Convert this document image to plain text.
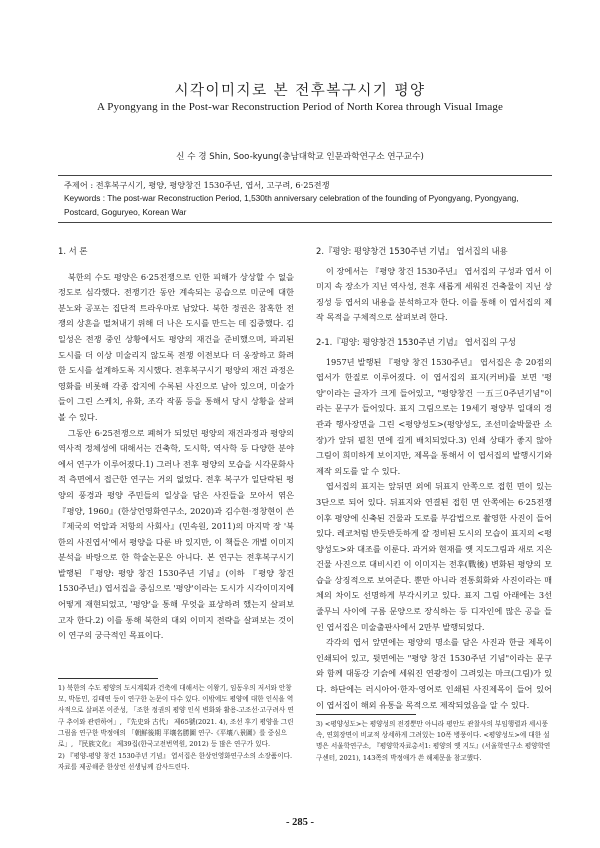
시각이미지로 본 전후복구시기 평양
A Pyongyang in the Post-war Reconstruction Period of North Korea through Visual Image
신 수 경 Shin, Soo-kyung(충남대학교 인문과학연구소 연구교수)
주제어 : 전후복구시기, 평양, 평양창건 1530주년, 엽서, 고구려, 6·25전쟁
Keywords : The post-war Reconstruction Period, 1,530th anniversary celebration of the founding of Pyongyang, Pyongyang, Postcard, Goguryeo, Korean War

1. 서 론

북한의 수도 평양은 6·25전쟁으로 인한 피해가 상상할 수 없을 정도로 심각했다. 전쟁기간 동안 계속되는 공습으로 미군에 대한 분노와 공포는 집단적 트라우마로 남았다. 북한 정권은 참혹한 전쟁의 상흔을 떨쳐내기 위해 더 나은 도시를 만드는 데 집중했다. 김일성은 전쟁 중인 상황에서도 평양의 재건을 준비했으며, 파괴된 도시를 더 이상 미술리지 않도록 전쟁 이전보다 더 웅장하고 화려한 도시를 설계하도록 지시했다. 전후복구시기 평양의 재건 과정은 영화를 비롯해 각종 잡지에 수록된 사진으로 남아 있으며, 미술가들이 그린 스케치, 유화, 조각 작품 등을 통해서 당시 상황을 살펴볼 수 있다.

그동안 6·25전쟁으로 폐허가 되었던 평양의 재건과정과 평양의 역사적 정체성에 대해서는 건축학, 도시학, 역사학 등 다양한 분야에서 연구가 이루어졌다.1) 그러나 전후 평양의 모습을 시각문화사적 측면에서 접근한 연구는 거의 없었다. 전후 복구가 일단락된 평양의 풍경과 평양 주민들의 일상을 담은 사진들을 모아서 엮은 『평양, 1960』(한상언영화연구소, 2020)과 김수현·정창현이 쓴 『제국의 억압과 저항의 사회사』(민속원, 2011)의 마지막 장 '북한의 사진엽서'에서 평양을 다룬 바 있지만, 이 책들은 개별 이미지 분석을 바탕으로 한 학술논문은 아니다. 본 연구는 전후복구시기 발행된 『평양: 평양 창건 1530주년 기념』(이하 『평양 창건 1530주년』) 엽서집을 중심으로 '평양'이라는 도시가 시각이미지에 어떻게 재현되었고, '평양'을 통해 무엇을 표상하려 했는지 살펴보고자 한다.2) 이를 통해 북한의 대외 이미지 전략을 살펴보는 것이 이 연구의 궁극적인 목표이다.

2.『평양: 평양창건 1530주년 기념』 엽서집의 내용

이 장에서는 『평양 창건 1530주년』 엽서집의 구성과 엽서 이미지 속 장소가 지닌 역사성, 전후 새롭게 세워진 건축물이 지닌 상징성 등 엽서의 내용을 분석하고자 한다. 이를 통해 이 엽서집의 제작 목적을 구체적으로 살펴보려 한다.

2-1.『평양: 평양창건 1530주년 기념』 엽서집의 구성

1957년 발행된 『평양 창건 1530주년』 엽서집은 총 20점의 엽서가 한질로 이루어졌다. 이 엽서집의 표지(커버)를 보면 '평양'이라는 글자가 크게 들어있고, "평양창건 一五三0주년기념"이라는 문구가 들어있다. 표지 그림으로는 19세기 평양부 일대의 경관과 행사장면을 그린 <평양성도>(평양성도, 조선미술박물관 소장)가 앞뒤 펼친 면에 길게 배치되었다.3) 인쇄 상태가 좋지 않아 그림이 희미하게 보이지만, 제목을 통해서 이 엽서집의 발행시기와 제작 의도를 알 수 있다.

엽서집의 표지는 앞뒤면 외에 뒤표지 안쪽으로 접힌 면이 있는 3단으로 되어 있다. 뒤표지와 연결된 접힌 면 안쪽에는 6·25전쟁 이후 평양에 신축된 건물과 도로를 부감법으로 촬영한 사진이 들어있다. 레코처럼 반듯반듯하게 잘 정비된 도시의 모습이 표지의 <평양성도>와 대조를 이룬다. 과거와 현재를 옛 지도그림과 새로 지은 건물 사진으로 대비시킨 이 이미지는 전후(戰後) 변화된 평양의 모습을 상징적으로 보여준다. 뿐만 아니라 전통회화와 사진이라는 매체의 차이도 선명하게 부각시키고 있다. 표지 그림 아래에는 3선 줄무늬 사이에 구름 문양으로 장식하는 등 디자인에 많은 공을 들인 엽서집은 미술출판사에서 2만부 발행되었다.

각각의 엽서 앞면에는 평양의 명소를 담은 사진과 한글 제목이 인쇄되어 있고, 뒷면에는 "평양 창건 1530주년 기념"이라는 문구와 함께 대동강 기슭에 세워진 연광정이 그려있는 마크(그림)가 있다. 하단에는 러시아어·한자·영어로 인쇄된 사진제목이 들어 있어 이 엽서집이 해외 유통을 목적으로 제작되었음을 알 수 있다.

1) 북한의 수도 평양의 도시계획과 건축에 대해서는 이왕기, 임동우의 저서와 안창모, 박동민, 김태연 등이 연구한 논문이 다수 있다. 이밖에도 평양에 대한 인식을 역사적으로 살펴본 이준성, 「조한 정권의 평양 인식 변화와 활용-고조선·고구려사 연구 추이와 관련하여」, 『先史와 古代』 제65號(2021. 4), 조선 후기 평양을 그린 그림을 연구한 박정애의 「朝鮮後期 平壤名勝圖 연구-《平壤八景圖》를 중심으로」, 『民族文化』 제39집(한국고전번역원, 2012) 등 많은 연구가 있다.

2) 『평양-평양 창건 1530주년 기념』 엽서집은 한상언영화연구소의 소장품이다. 자료를 제공해준 한상언 선생님께 감사드린다.

3) <평양성도>는 평양성의 전경뿐만 아니라 평안도 관찰사의 부임행렬과 세시풍속, 연회장면이 비교적 상세하게 그려있는 10폭 병풍이다. <평양성도>에 대한 설명은 서울학연구소, 『평양학자료총서1: 평양의 옛 지도』(서울학연구소 평양학연구센터, 2021), 143쪽의 박정애가 쓴 해제문을 참고했다.

- 285 -
